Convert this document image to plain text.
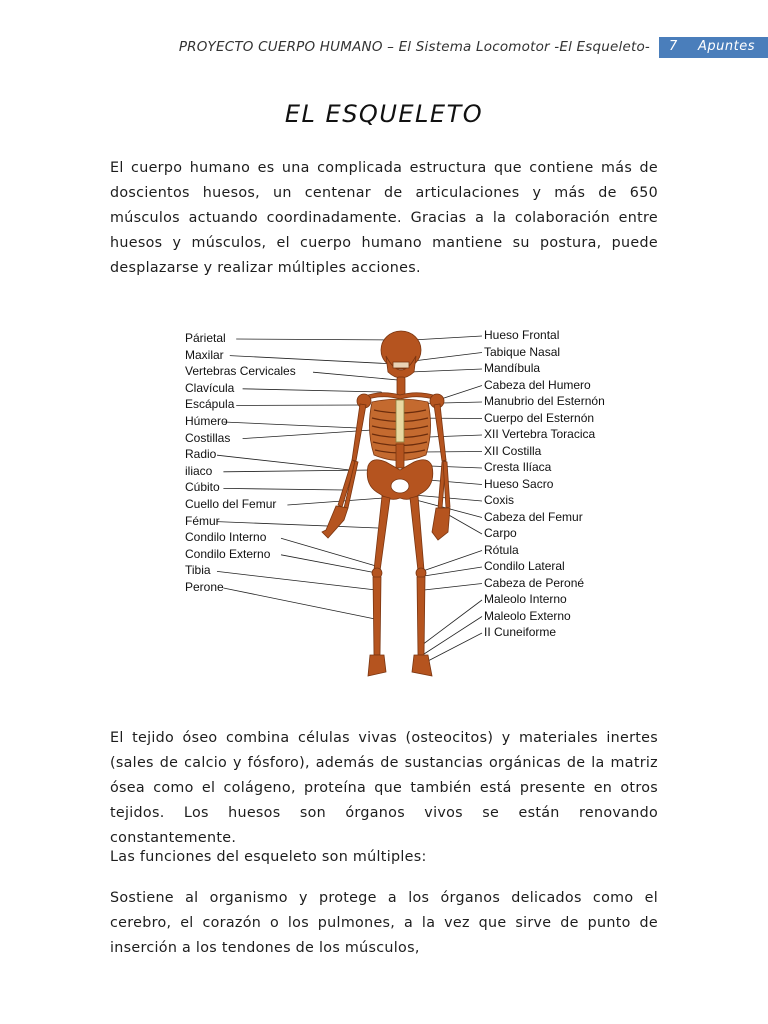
PROYECTO CUERPO HUMANO – El Sistema Locomotor -El Esqueleto- 7 Apuntes
EL ESQUELETO
El cuerpo humano es una complicada estructura que contiene más de doscientos huesos, un centenar de articulaciones y más de 650 músculos actuando coordinadamente. Gracias a la colaboración entre huesos y músculos, el cuerpo humano mantiene su postura, puede desplazarse y realizar múltiples acciones.
Párietal
Maxilar
Vertebras Cervicales
Clavícula
Escápula
Húmero
Costillas
Radio
iliaco
Cúbito
Cuello del Femur
Fémur
Condilo Interno
Condilo Externo
Tibia
Perone
Hueso Frontal
Tabique Nasal
Mandíbula
Cabeza del Humero
Manubrio del Esternón
Cuerpo del Esternón
XII Vertebra Toracica
XII Costilla
Cresta Ilíaca
Hueso Sacro
Coxis
Cabeza del Femur
Carpo
Rótula
Condilo Lateral
Cabeza de Peroné
Maleolo Interno
Maleolo Externo
II Cuneiforme
El tejido óseo combina células vivas (osteocitos) y materiales inertes (sales de calcio y fósforo), además de sustancias orgánicas de la matriz ósea como el colágeno, proteína que también está presente en otros tejidos. Los huesos son órganos vivos se están renovando constantemente.
Las funciones del esqueleto son múltiples:
Sostiene al organismo y protege a los órganos delicados como el cerebro, el corazón o los pulmones, a la vez que sirve de punto de inserción a los tendones de los músculos,
